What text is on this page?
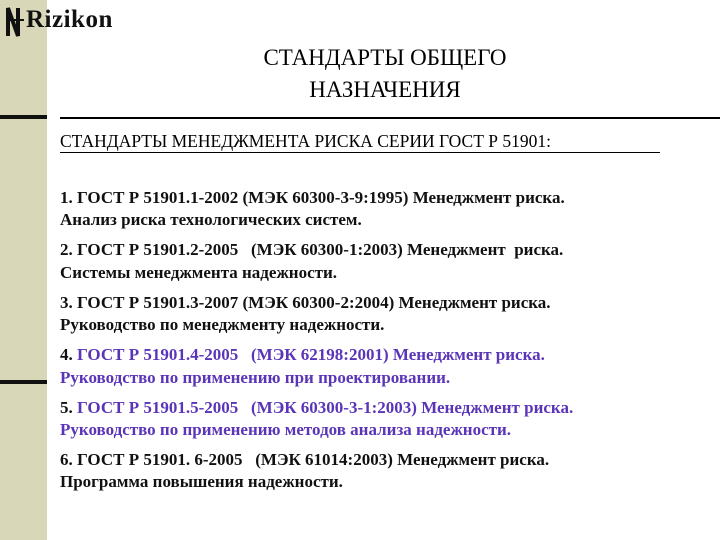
Rizikon
СТАНДАРТЫ ОБЩЕГО
НАЗНАЧЕНИЯ
СТАНДАРТЫ МЕНЕДЖМЕНТА РИСКА СЕРИИ ГОСТ Р 51901:
1. ГОСТ Р 51901.1-2002 (МЭК 60300-3-9:1995) Менеджмент риска.
Анализ риска технологических систем.
2. ГОСТ Р 51901.2-2005   (МЭК 60300-1:2003) Менеджмент  риска.
Системы менеджмента надежности.
3. ГОСТ Р 51901.3-2007 (МЭК 60300-2:2004) Менеджмент риска.
Руководство по менеджменту надежности.
4. ГОСТ Р 51901.4-2005   (МЭК 62198:2001) Менеджмент риска.
Руководство по применению при проектировании.
5. ГОСТ Р 51901.5-2005   (МЭК 60300-3-1:2003) Менеджмент риска.
Руководство по применению методов анализа надежности.
6. ГОСТ Р 51901. 6-2005   (МЭК 61014:2003) Менеджмент риска.
Программа повышения надежности.
